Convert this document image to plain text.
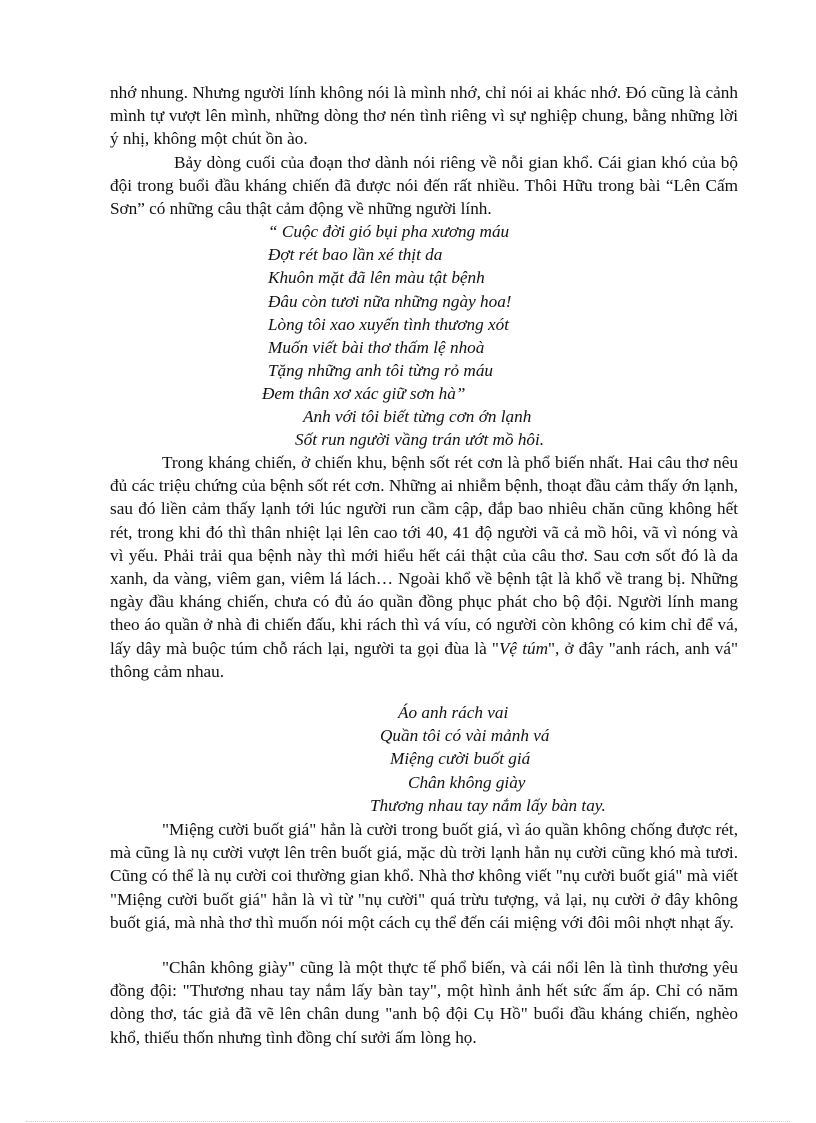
nhớ nhung. Nhưng người lính không nói là mình nhớ, chỉ nói ai khác nhớ. Đó cũng là cảnh mình tự vượt lên mình, những dòng thơ nén tình riêng vì sự nghiệp chung, bằng những lời ý nhị, không một chút ồn ào.

Bảy dòng cuối của đoạn thơ dành nói riêng về nỗi gian khổ. Cái gian khó của bộ đội trong buổi đầu kháng chiến đã được nói đến rất nhiều. Thôi Hữu trong bài “Lên Cấm Sơn” có những câu thật cảm động về những người lính.

“ Cuộc đời gió bụi pha xương máu
Đợt rét bao lần xé thịt da
Khuôn mặt đã lên màu tật bệnh
Đâu còn tươi nữa những ngày hoa!
Lòng tôi xao xuyến tình thương xót
Muốn viết bài thơ thấm lệ nhoà
Tặng những anh tôi từng rỏ máu
Đem thân xơ xác giữ sơn hà”
Anh với tôi biết từng cơn ớn lạnh
Sốt run người vầng trán ướt mồ hôi.

Trong kháng chiến, ở chiến khu, bệnh sốt rét cơn là phổ biến nhất. Hai câu thơ nêu đủ các triệu chứng của bệnh sốt rét cơn. Những ai nhiễm bệnh, thoạt đầu cảm thấy ớn lạnh, sau đó liền cảm thấy lạnh tới lúc người run cầm cập, đắp bao nhiêu chăn cũng không hết rét, trong khi đó thì thân nhiệt lại lên cao tới 40, 41 độ người vã cả mồ hôi, vã vì nóng và vì yếu. Phải trải qua bệnh này thì mới hiểu hết cái thật của câu thơ. Sau cơn sốt đó là da xanh, da vàng, viêm gan, viêm lá lách… Ngoài khổ về bệnh tật là khổ về trang bị. Những ngày đầu kháng chiến, chưa có đủ áo quần đồng phục phát cho bộ đội. Người lính mang theo áo quần ở nhà đi chiến đấu, khi rách thì vá víu, có người còn không có kim chỉ để vá, lấy dây mà buộc túm chỗ rách lại, người ta gọi đùa là "Vệ túm", ở đây "anh rách, anh vá" thông cảm nhau.

Áo anh rách vai
Quần tôi có vài mảnh vá
Miệng cười buốt giá
Chân không giày
Thương nhau tay nắm lấy bàn tay.

"Miệng cười buốt giá" hẳn là cười trong buốt giá, vì áo quần không chống được rét, mà cũng là nụ cười vượt lên trên buốt giá, mặc dù trời lạnh hẳn nụ cười cũng khó mà tươi. Cũng có thể là nụ cười coi thường gian khổ. Nhà thơ không viết "nụ cười buốt giá" mà viết "Miệng cười buốt giá" hẳn là vì từ "nụ cười" quá trừu tượng, vả lại, nụ cười ở đây không buốt giá, mà nhà thơ thì muốn nói một cách cụ thể đến cái miệng với đôi môi nhợt nhạt ấy.

"Chân không giày" cũng là một thực tế phổ biến, và cái nổi lên là tình thương yêu đồng đội: "Thương nhau tay nắm lấy bàn tay", một hình ảnh hết sức ấm áp. Chỉ có năm dòng thơ, tác giả đã vẽ lên chân dung "anh bộ đội Cụ Hồ" buổi đầu kháng chiến, nghèo khổ, thiếu thốn nhưng tình đồng chí sưởi ấm lòng họ.
